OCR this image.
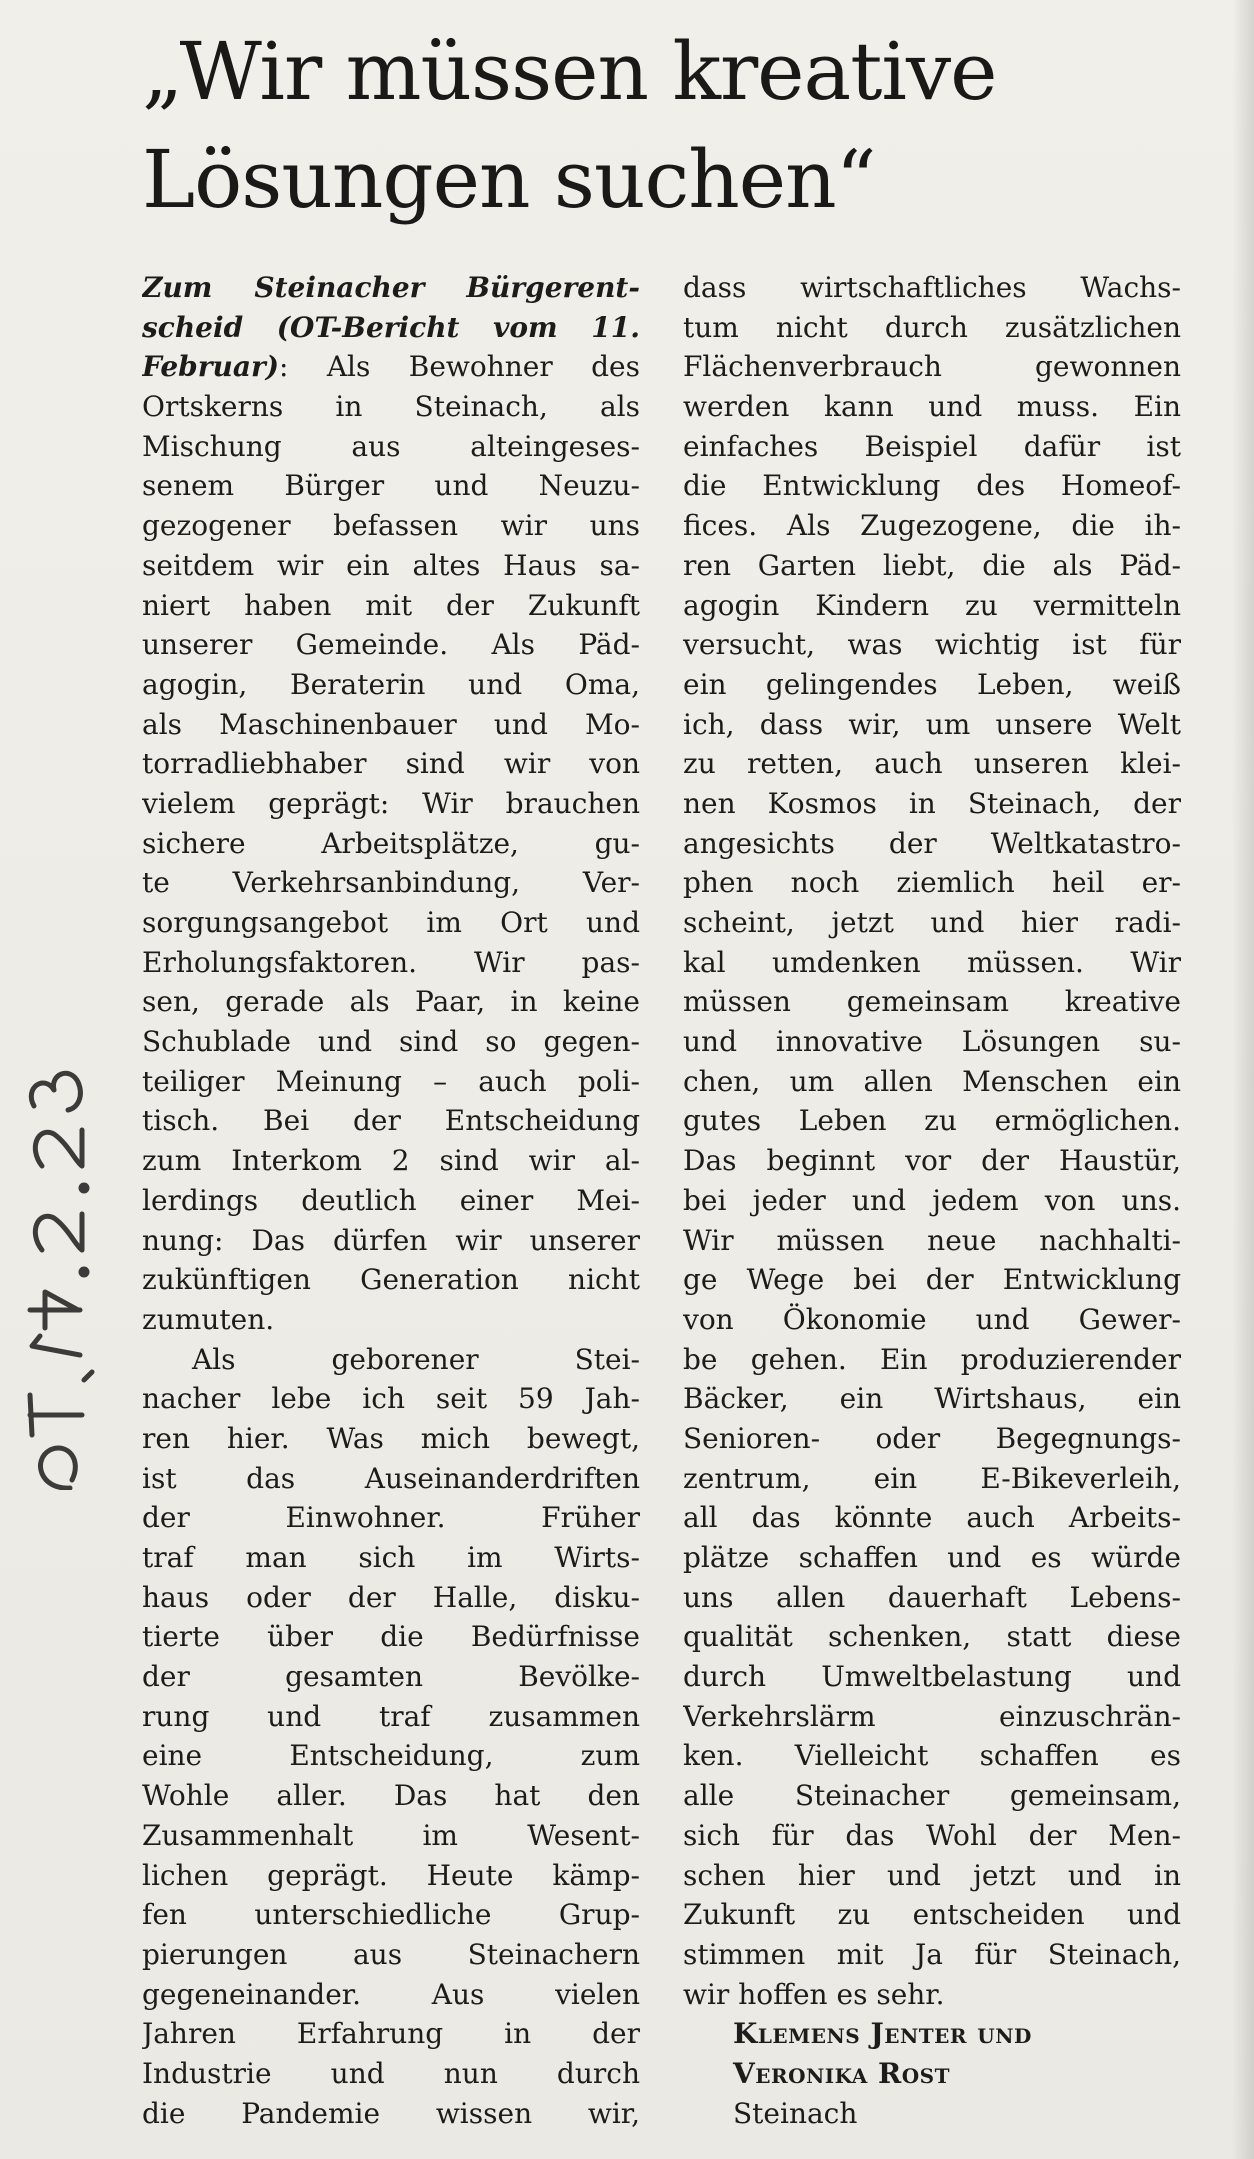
„Wir müssen kreative
Lösungen suchen“
Zum Steinacher Bürgerent-
scheid (OT-Bericht vom 11.
Februar): Als Bewohner des
Ortskerns in Steinach, als
Mischung aus alteingeses-
senem Bürger und Neuzu-
gezogener befassen wir uns
seitdem wir ein altes Haus sa-
niert haben mit der Zukunft
unserer Gemeinde. Als Päd-
agogin, Beraterin und Oma,
als Maschinenbauer und Mo-
torradliebhaber sind wir von
vielem geprägt: Wir brauchen
sichere Arbeitsplätze, gu-
te Verkehrsanbindung, Ver-
sorgungsangebot im Ort und
Erholungsfaktoren. Wir pas-
sen, gerade als Paar, in keine
Schublade und sind so gegen-
teiliger Meinung – auch poli-
tisch. Bei der Entscheidung
zum Interkom 2 sind wir al-
lerdings deutlich einer Mei-
nung: Das dürfen wir unserer
zukünftigen Generation nicht
zumuten.
Als geborener Stei-
nacher lebe ich seit 59 Jah-
ren hier. Was mich bewegt,
ist das Auseinanderdriften
der Einwohner. Früher
traf man sich im Wirts-
haus oder der Halle, disku-
tierte über die Bedürfnisse
der gesamten Bevölke-
rung und traf zusammen
eine Entscheidung, zum
Wohle aller. Das hat den
Zusammenhalt im Wesent-
lichen geprägt. Heute kämp-
fen unterschiedliche Grup-
pierungen aus Steinachern
gegeneinander. Aus vielen
Jahren Erfahrung in der
Industrie und nun durch
die Pandemie wissen wir,
dass wirtschaftliches Wachs-
tum nicht durch zusätzlichen
Flächenverbrauch gewonnen
werden kann und muss. Ein
einfaches Beispiel dafür ist
die Entwicklung des Homeof-
fices. Als Zugezogene, die ih-
ren Garten liebt, die als Päd-
agogin Kindern zu vermitteln
versucht, was wichtig ist für
ein gelingendes Leben, weiß
ich, dass wir, um unsere Welt
zu retten, auch unseren klei-
nen Kosmos in Steinach, der
angesichts der Weltkatastro-
phen noch ziemlich heil er-
scheint, jetzt und hier radi-
kal umdenken müssen. Wir
müssen gemeinsam kreative
und innovative Lösungen su-
chen, um allen Menschen ein
gutes Leben zu ermöglichen.
Das beginnt vor der Haustür,
bei jeder und jedem von uns.
Wir müssen neue nachhalti-
ge Wege bei der Entwicklung
von Ökonomie und Gewer-
be gehen. Ein produzierender
Bäcker, ein Wirtshaus, ein
Senioren- oder Begegnungs-
zentrum, ein E-Bikeverleih,
all das könnte auch Arbeits-
plätze schaffen und es würde
uns allen dauerhaft Lebens-
qualität schenken, statt diese
durch Umweltbelastung und
Verkehrslärm einzuschrän-
ken. Vielleicht schaffen es
alle Steinacher gemeinsam,
sich für das Wohl der Men-
schen hier und jetzt und in
Zukunft zu entscheiden und
stimmen mit Ja für Steinach,
wir hoffen es sehr.
Klemens Jenter und
Veronika Rost
Steinach
